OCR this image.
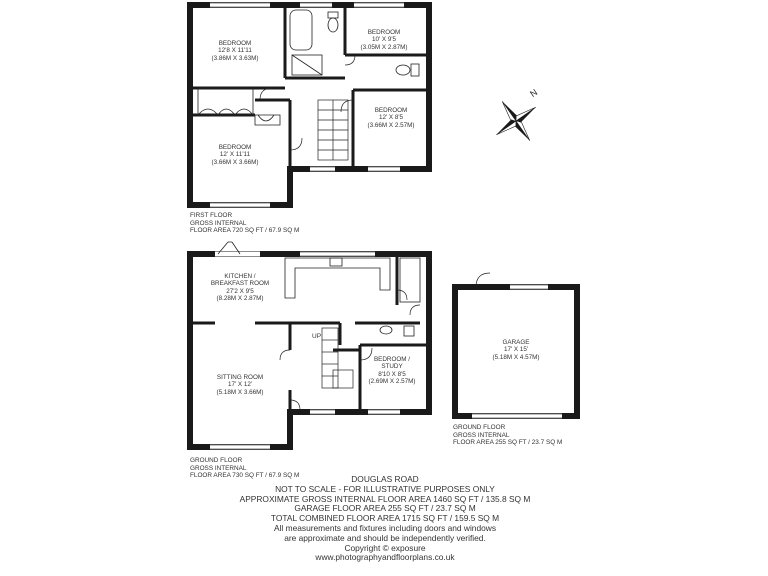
N
BEDROOM
12'8 X 11'11
(3.86M X 3.63M)
BEDROOM
10' X 9'5
(3.05M X 2.87M)
BEDROOM
12' X 8'5
(3.66M X 2.57M)
BEDROOM
12' X 11'11
(3.66M X 3.66M)
KITCHEN /
BREAKFAST ROOM
27'2 X 9'5
(8.28M X 2.87M)
SITTING ROOM
17' X 12'
(5.18M X 3.66M)
BEDROOM /
STUDY
8'10 X 8'5
(2.69M X 2.57M)
GARAGE
17' X 15'
(5.18M X 4.57M)
UP
FIRST FLOOR
GROSS INTERNAL
FLOOR AREA 720 SQ FT / 67.9 SQ M
GROUND FLOOR
GROSS INTERNAL
FLOOR AREA 730 SQ FT / 67.9 SQ M
GROUND FLOOR
GROSS INTERNAL
FLOOR AREA 255 SQ FT / 23.7 SQ M
DOUGLAS ROAD
NOT TO SCALE - FOR ILLUSTRATIVE PURPOSES ONLY
APPROXIMATE GROSS INTERNAL FLOOR AREA 1460 SQ FT / 135.8 SQ M
GARAGE FLOOR AREA 255 SQ FT / 23.7 SQ M
TOTAL COMBINED FLOOR AREA 1715 SQ FT / 159.5 SQ M
All measurements and fixtures including doors and windows
are approximate and should be independently verified.
Copyright © exposure
www.photographyandfloorplans.co.uk
